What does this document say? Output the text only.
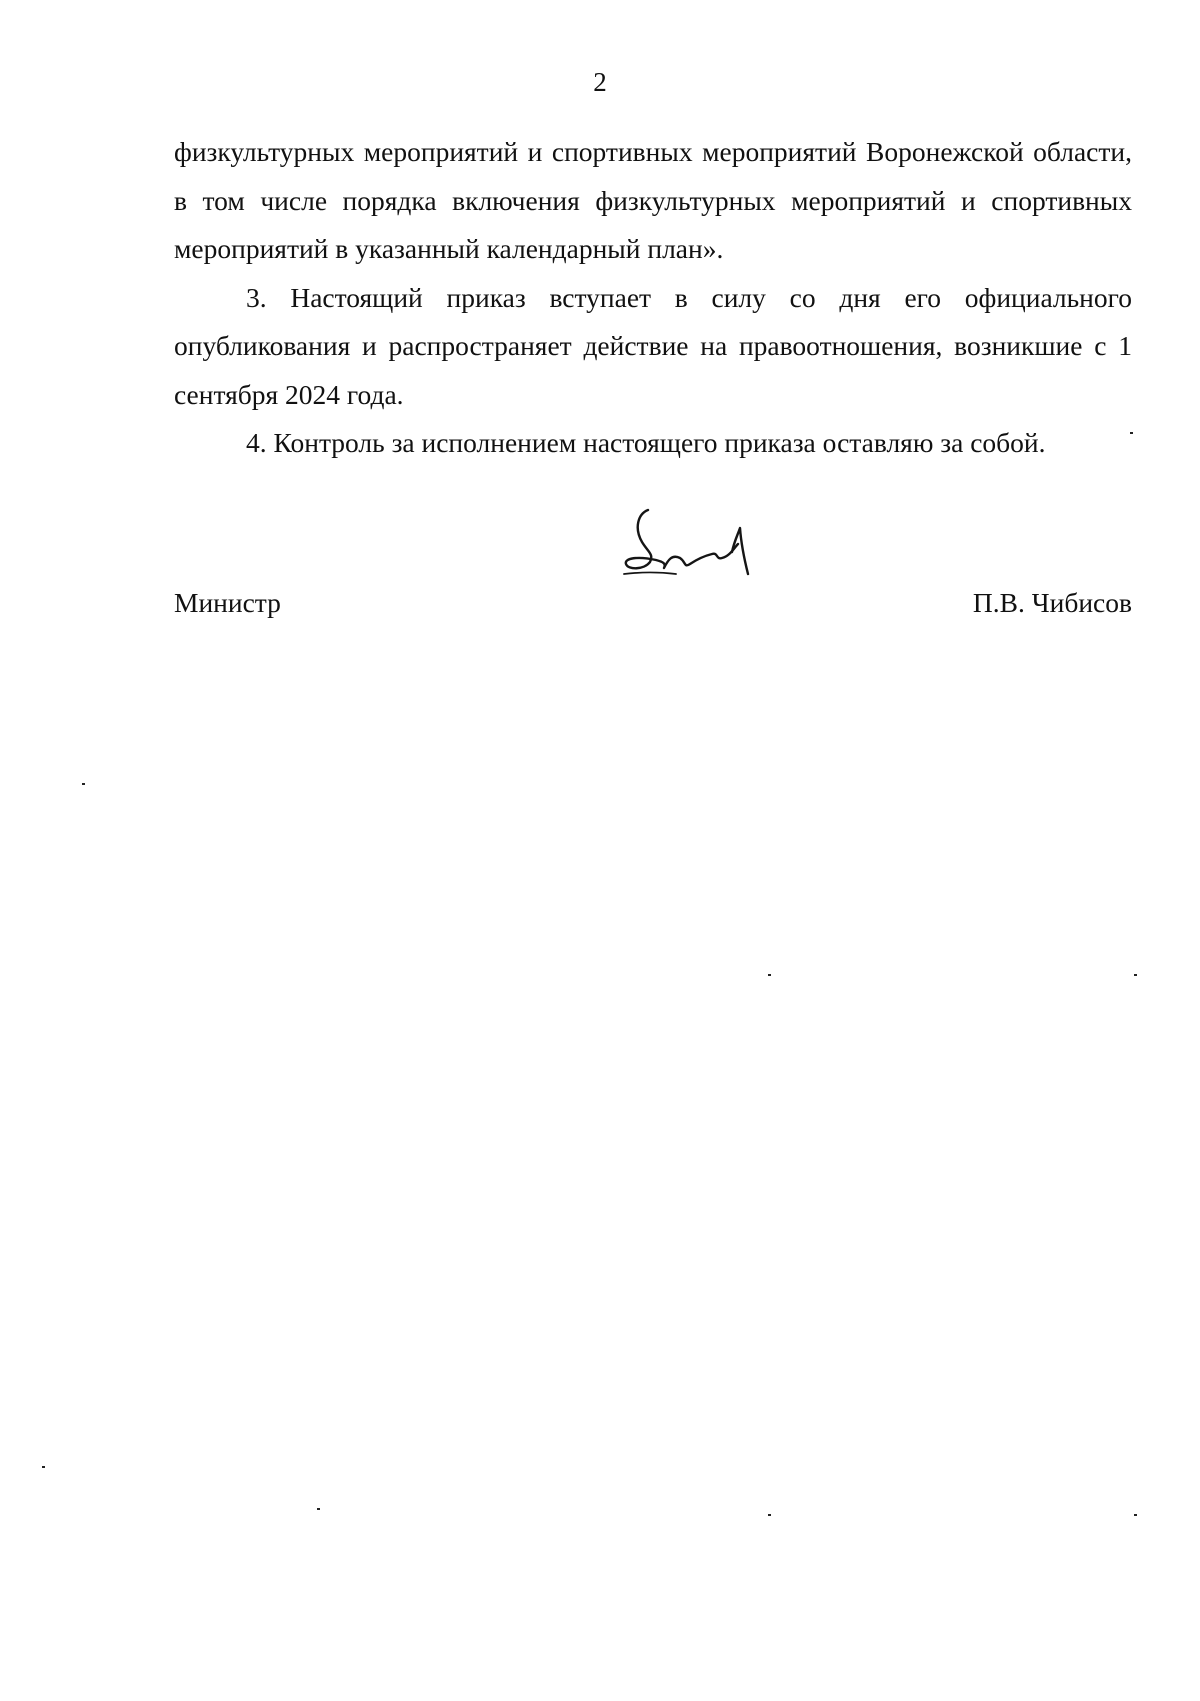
2

физкультурных мероприятий и спортивных мероприятий Воронежской области, в том числе порядка включения физкультурных мероприятий и спортивных мероприятий в указанный календарный план».

3. Настоящий приказ вступает в силу со дня его официального опубликования и распространяет действие на правоотношения, возникшие с 1 сентября 2024 года.

4. Контроль за исполнением настоящего приказа оставляю за собой.

Министр	П.В. Чибисов
